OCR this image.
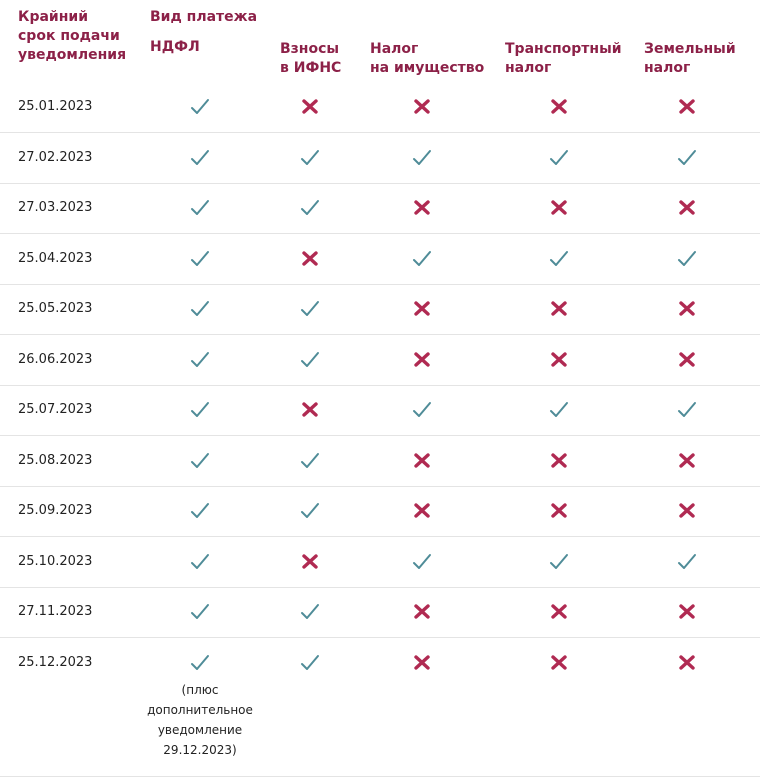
Крайний
срок подачи
уведомления
Вид платежа
НДФЛ	Взносы
в ИФНС
Налог
на имущество
Транспортный
налог
Земельный
налог
25.01.2023
27.02.2023
27.03.2023
25.04.2023
25.05.2023
26.06.2023
25.07.2023
25.08.2023
25.09.2023
25.10.2023
27.11.2023
25.12.2023
(плюс
дополнительное
уведомление
29.12.2023)
